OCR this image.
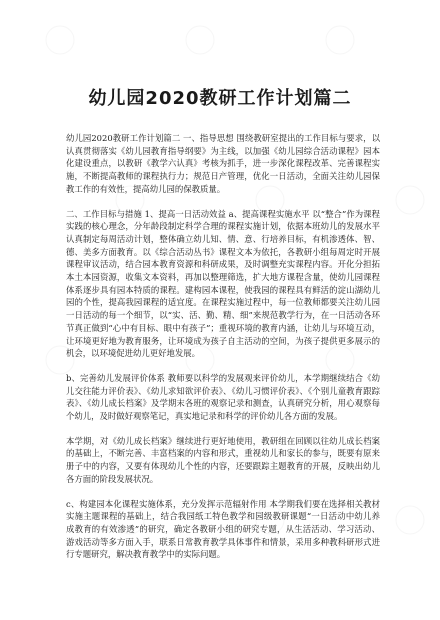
幼儿园2020教研工作计划篇二

幼儿园2020教研工作计划篇二 一、指导思想 围绕教研室提出的工作目标与要求，以认真贯彻落实《幼儿园教育指导纲要》为主线，以加强《幼儿园综合活动课程》园本化建设重点，以教研《教学六认真》考核为抓手，进一步深化课程改革、完善课程实施，不断提高教师的课程执行力；规范日产管理，优化一日活动，全面关注幼儿园保教工作的有效性，提高幼儿园的保教质量。

二、工作目标与措施 1、提高一日活动效益 a、提高课程实施水平 以“整合”作为课程实践的核心理念，分年龄段制定科学合理的课程实施计划，依据本班幼儿的发展水平认真制定每周活动计划，整体确立幼儿知、情、意、行培养目标，有机渗透体、智、德、美多方面教育。以《综合活动丛书》课程文本为依托，各教研小组每周定时开展课程审议活动，结合园本教育资源和科研成果，及时调整充实课程内容。开化分担拓本土本园资源，收集文本资料，再加以整理筛选，扩大地方课程含量，使幼儿园课程体系逐步具有园本特质的课程。建构园本课程，使我园的课程具有鲜活的淀山湖幼儿园的个性，提高我园课程的适宜度。在课程实施过程中，每一位教师都要关注幼儿园一日活动的每一个细节，以“实、活、勤、精、细”来规范教学行为，在一日活动各环节真正做到“心中有目标、眼中有孩子”；重视环境的教育内涵，让幼儿与环境互动，让环境更好地为教育服务，让环境成为孩子自主活动的空间，为孩子提供更多展示的机会，以环境促进幼儿更好地发展。

b、完善幼儿发展评价体系 教师要以科学的发展观来评价幼儿，本学期继续结合《幼儿交往能力评价表》、《幼儿求知欲评价表》、《幼儿习惯评价表》、《个别儿童教育跟踪表》、《幼儿成长档案》及学期末各班的观察记录和测查，认真研究分析，用心观察每个幼儿，及时做好观察笔记，真实地记录和科学的评价幼儿各方面的发展。

本学期，对《幼儿成长档案》继续进行更好地使用，教研组在回顾以往幼儿成长档案的基础上，不断完善、丰富档案的内容和形式，重视幼儿和家长的参与，既要有原来册子中的内容，又要有体现幼儿个性的内容，还要跟踪主题教育的开展，反映出幼儿各方面的阶段发展状况。

c、构建园本化课程实施体系，充分发挥示范辐射作用 本学期我们要在选择相关教材实施主题课程的基础上，结合我园纸工特色教学和园级教研课题“一日活动中幼儿养成教育的有效渗透”的研究，确定各教研小组的研究专题，从生活活动、学习活动、游戏活动等多方面入手，联系日常教育教学具体事件和情景，采用多种教科研形式进行专题研究，解决教育教学中的实际问题。
